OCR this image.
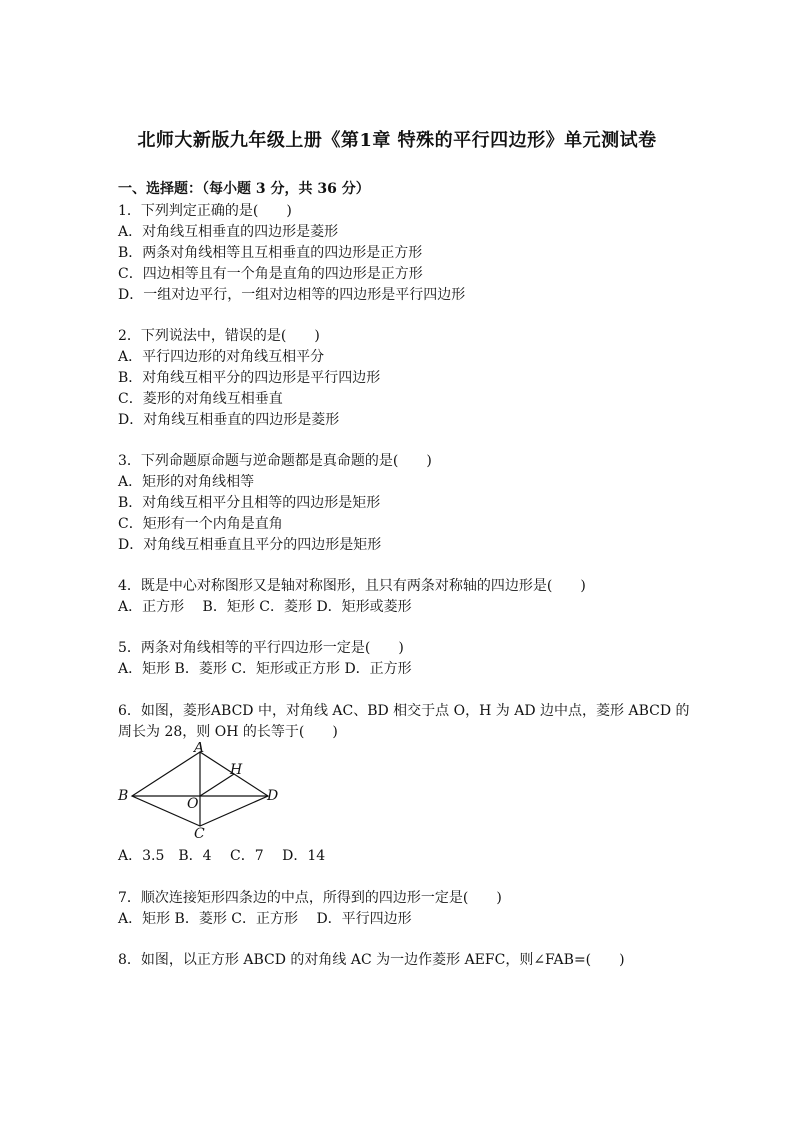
北师大新版九年级上册《第1章 特殊的平行四边形》单元测试卷
一、选择题：（每小题 3 分，共 36 分）
1．下列判定正确的是(　　)
A．对角线互相垂直的四边形是菱形
B．两条对角线相等且互相垂直的四边形是正方形
C．四边相等且有一个角是直角的四边形是正方形
D．一组对边平行，一组对边相等的四边形是平行四边形
2．下列说法中，错误的是(　　)
A．平行四边形的对角线互相平分
B．对角线互相平分的四边形是平行四边形
C．菱形的对角线互相垂直
D．对角线互相垂直的四边形是菱形
3．下列命题原命题与逆命题都是真命题的是(　　)
A．矩形的对角线相等
B．对角线互相平分且相等的四边形是矩形
C．矩形有一个内角是直角
D．对角线互相垂直且平分的四边形是矩形
4．既是中心对称图形又是轴对称图形，且只有两条对称轴的四边形是(　　)
A．正方形　 B．矩形 C．菱形 D．矩形或菱形
5．两条对角线相等的平行四边形一定是(　　)
A．矩形 B．菱形 C．矩形或正方形 D．正方形
6．如图，菱形ABCD 中，对角线 AC、BD 相交于点 O，H 为 AD 边中点，菱形 ABCD 的
周长为 28，则 OH 的长等于(　　)
A
B
C
D
O
H
A．3.5　B．4　 C．7　 D．14
7．顺次连接矩形四条边的中点，所得到的四边形一定是(　　)
A．矩形 B．菱形 C．正方形　 D．平行四边形
8．如图，以正方形 ABCD 的对角线 AC 为一边作菱形 AEFC，则∠FAB=(　　)
